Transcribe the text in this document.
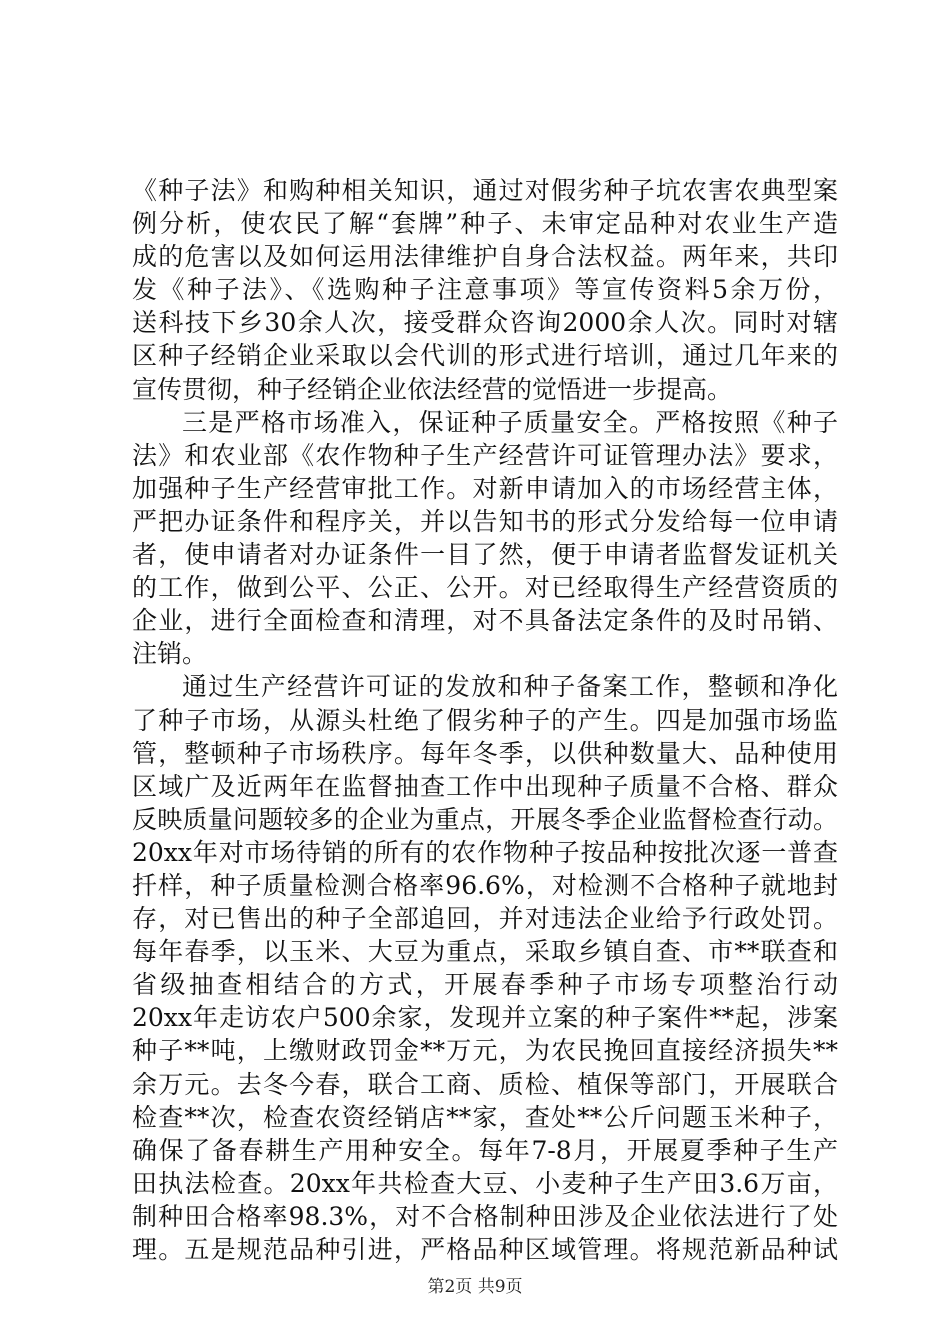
《种子法》和购种相关知识，通过对假劣种子坑农害农典型案
例分析，使农民了解“套牌”种子、未审定品种对农业生产造
成的危害以及如何运用法律维护自身合法权益。两年来，共印
发《种子法》、《选购种子注意事项》等宣传资料5余万份，
送科技下乡30余人次，接受群众咨询2000余人次。同时对辖
区种子经销企业采取以会代训的形式进行培训，通过几年来的
宣传贯彻，种子经销企业依法经营的觉悟进一步提高。
三是严格市场准入，保证种子质量安全。严格按照《种子
法》和农业部《农作物种子生产经营许可证管理办法》要求，
加强种子生产经营审批工作。对新申请加入的市场经营主体，
严把办证条件和程序关，并以告知书的形式分发给每一位申请
者，使申请者对办证条件一目了然，便于申请者监督发证机关
的工作，做到公平、公正、公开。对已经取得生产经营资质的
企业，进行全面检查和清理，对不具备法定条件的及时吊销、
注销。
通过生产经营许可证的发放和种子备案工作，整顿和净化
了种子市场，从源头杜绝了假劣种子的产生。四是加强市场监
管，整顿种子市场秩序。每年冬季，以供种数量大、品种使用
区域广及近两年在监督抽查工作中出现种子质量不合格、群众
反映质量问题较多的企业为重点，开展冬季企业监督检查行动。
20xx年对市场待销的所有的农作物种子按品种按批次逐一普查
扦样，种子质量检测合格率96.6%，对检测不合格种子就地封
存，对已售出的种子全部追回，并对违法企业给予行政处罚。
每年春季，以玉米、大豆为重点，采取乡镇自查、市**联查和
省级抽查相结合的方式，开展春季种子市场专项整治行动
20xx年走访农户500余家，发现并立案的种子案件**起，涉案
种子**吨，上缴财政罚金**万元，为农民挽回直接经济损失**
余万元。去冬今春，联合工商、质检、植保等部门，开展联合
检查**次，检查农资经销店**家，查处**公斤问题玉米种子，
确保了备春耕生产用种安全。每年7-8月，开展夏季种子生产
田执法检查。20xx年共检查大豆、小麦种子生产田3.6万亩，
制种田合格率98.3%，对不合格制种田涉及企业依法进行了处
理。五是规范品种引进，严格品种区域管理。将规范新品种试
第2页 共9页
